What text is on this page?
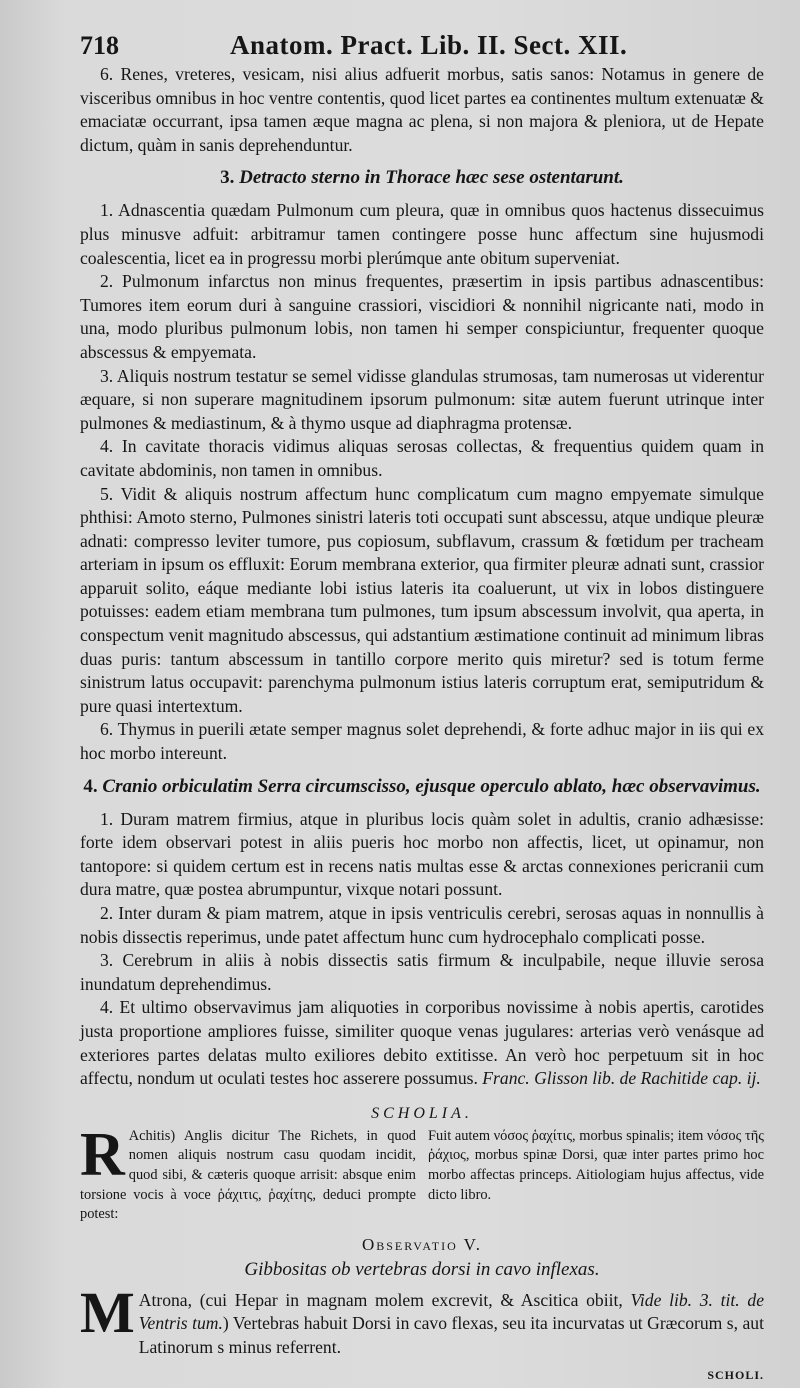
718	Anatom. Pract. Lib. II. Sect. XII.

6. Renes, vreteres, vesicam, nisi alius adfuerit morbus, satis sanos: Notamus in genere de visceribus omnibus in hoc ventre contentis, quod licet partes ea continentes multum extenuatæ & emaciatæ occurrant, ipsa tamen æque magna ac plena, si non majora & pleniora, ut de Hepate dictum, quàm in sanis deprehenduntur.

3. Detracto sterno in Thorace hæc sese ostentarunt.

1. Adnascentia quædam Pulmonum cum pleura, quæ in omnibus quos hactenus dissecuimus plus minusve adfuit: arbitramur tamen contingere posse hunc affectum sine hujusmodi coalescentia, licet ea in progressu morbi plerúmque ante obitum superveniat.

2. Pulmonum infarctus non minus frequentes, præsertim in ipsis partibus adnascentibus: Tumores item eorum duri à sanguine crassiori, viscidiori & nonnihil nigricante nati, modo in una, modo pluribus pulmonum lobis, non tamen hi semper conspiciuntur, frequenter quoque abscessus & empyemata.

3. Aliquis nostrum testatur se semel vidisse glandulas strumosas, tam numerosas ut viderentur æquare, si non superare magnitudinem ipsorum pulmonum: sitæ autem fuerunt utrinque inter pulmones & mediastinum, & à thymo usque ad diaphragma protensæ.

4. In cavitate thoracis vidimus aliquas serosas collectas, & frequentius quidem quam in cavitate abdominis, non tamen in omnibus.

5. Vidit & aliquis nostrum affectum hunc complicatum cum magno empyemate simulque phthisi: Amoto sterno, Pulmones sinistri lateris toti occupati sunt abscessu, atque undique pleuræ adnati: compresso leviter tumore, pus copiosum, subflavum, crassum & fœtidum per tracheam arteriam in ipsum os effluxit: Eorum membrana exterior, qua firmiter pleuræ adnati sunt, crassior apparuit solito, eáque mediante lobi istius lateris ita coaluerunt, ut vix in lobos distinguere potuisses: eadem etiam membrana tum pulmones, tum ipsum abscessum involvit, qua aperta, in conspectum venit magnitudo abscessus, qui adstantium æstimatione continuit ad minimum libras duas puris: tantum abscessum in tantillo corpore merito quis miretur? sed is totum ferme sinistrum latus occupavit: parenchyma pulmonum istius lateris corruptum erat, semiputridum & pure quasi intertextum.

6. Thymus in puerili ætate semper magnus solet deprehendi, & forte adhuc major in iis qui ex hoc morbo intereunt.

4. Cranio orbiculatim Serra circumscisso, ejusque operculo ablato, hæc observavimus.

1. Duram matrem firmius, atque in pluribus locis quàm solet in adultis, cranio adhæsisse: forte idem observari potest in aliis pueris hoc morbo non affectis, licet, ut opinamur, non tantopore: si quidem certum est in recens natis multas esse & arctas connexiones pericranii cum dura matre, quæ postea abrumpuntur, vixque notari possunt.

2. Inter duram & piam matrem, atque in ipsis ventriculis cerebri, serosas aquas in nonnullis à nobis dissectis reperimus, unde patet affectum hunc cum hydrocephalo complicati posse.

3. Cerebrum in aliis à nobis dissectis satis firmum & inculpabile, neque illuvie serosa inundatum deprehendimus.

4. Et ultimo observavimus jam aliquoties in corporibus novissime à nobis apertis, carotides justa proportione ampliores fuisse, similiter quoque venas jugulares: arterias verò venásque ad exteriores partes delatas multo exiliores debito extitisse. An verò hoc perpetuum sit in hoc affectu, nondum ut oculati testes hoc asserere possumus. Franc. Glisson lib. de Rachitide cap. ij.

SCHOLIA.
R Achitis) Anglis dicitur The Richets, in quod nomen aliquis nostrum casu quodam incidit, quod sibi, & cæteris quoque arrisit: absque enim torsione vocis à voce ῥάχιτις, ῥαχίτης, deduci prompte potest:
Fuit autem νόσος ῥαχίτις, morbus spinalis; item νόσος τῆς ῥάχιος, morbus spinæ Dorsi, quæ inter partes primo hoc morbo affectas princeps. Aitiologiam hujus affectus, vide dicto libro.
Observatio V.
Gibbositas ob vertebras dorsi in cavo inflexas.
M Atrona, (cui Hepar in magnam molem excrevit, & Ascitica obiit, Vide lib. 3. tit. de Ventris tum.) Vertebras habuit Dorsi in cavo flexas, seu ita incurvatas ut Græcorum s, aut Latinorum s minus referrent.
SCHOLI.
